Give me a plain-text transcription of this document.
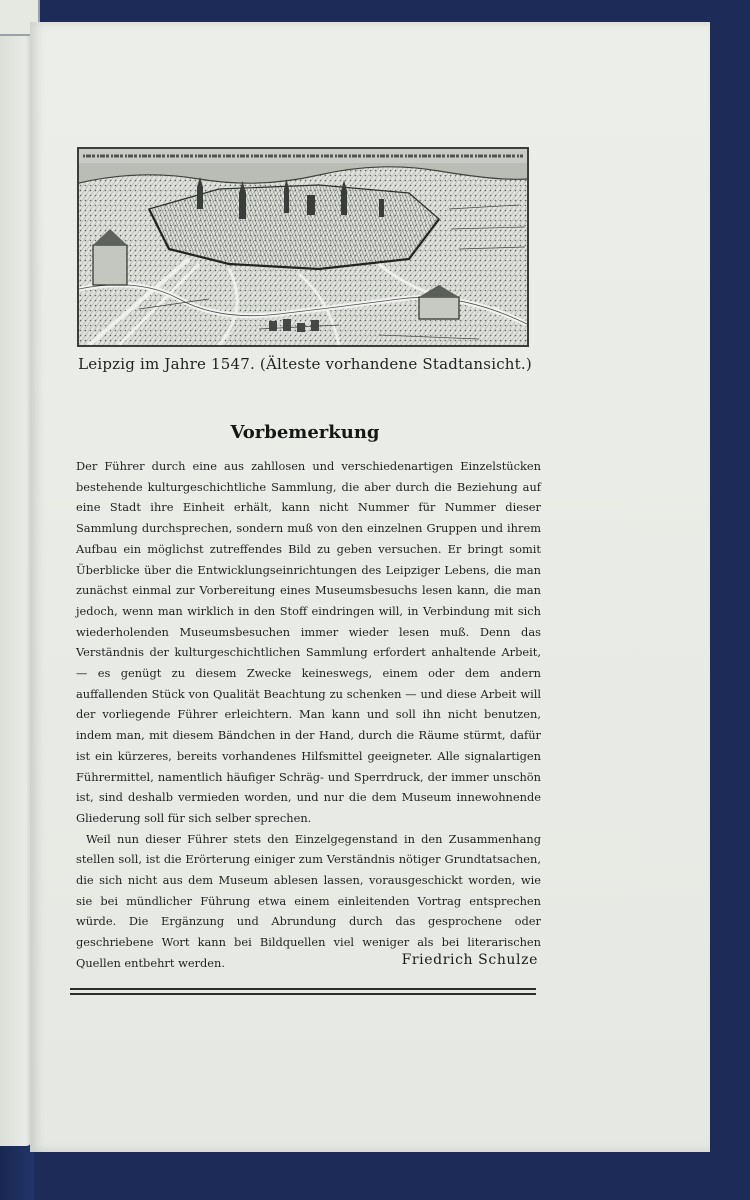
Leipzig im Jahre 1547. (Älteste vorhandene Stadtansicht.)
Vorbemerkung

Der Führer durch eine aus zahllosen und verschiedenartigen Einzelstücken bestehende kulturgeschichtliche Sammlung, die aber durch die Beziehung auf eine Stadt ihre Einheit erhält, kann nicht Nummer für Nummer dieser Sammlung durchsprechen, sondern muß von den einzelnen Gruppen und ihrem Aufbau ein möglichst zutreffendes Bild zu geben versuchen. Er bringt somit Überblicke über die Entwicklungseinrichtungen des Leipziger Lebens, die man zunächst einmal zur Vorbereitung eines Museumsbesuchs lesen kann, die man jedoch, wenn man wirklich in den Stoff eindringen will, in Verbindung mit sich wiederholenden Museumsbesuchen immer wieder lesen muß. Denn das Verständnis der kulturgeschichtlichen Sammlung erfordert anhaltende Arbeit, — es genügt zu diesem Zwecke keineswegs, einem oder dem andern auffallenden Stück von Qualität Beachtung zu schenken — und diese Arbeit will der vorliegende Führer erleichtern. Man kann und soll ihn nicht benutzen, indem man, mit diesem Bändchen in der Hand, durch die Räume stürmt, dafür ist ein kürzeres, bereits vorhandenes Hilfsmittel geeigneter. Alle signalartigen Führermittel, namentlich häufiger Schräg- und Sperrdruck, der immer unschön ist, sind deshalb vermieden worden, und nur die dem Museum innewohnende Gliederung soll für sich selber sprechen.

Weil nun dieser Führer stets den Einzelgegenstand in den Zusammenhang stellen soll, ist die Erörterung einiger zum Verständnis nötiger Grundtatsachen, die sich nicht aus dem Museum ablesen lassen, vorausgeschickt worden, wie sie bei mündlicher Führung etwa einem einleitenden Vortrag entsprechen würde. Die Ergänzung und Abrundung durch das gesprochene oder geschriebene Wort kann bei Bildquellen viel weniger als bei literarischen Quellen entbehrt werden.	Friedrich Schulze
